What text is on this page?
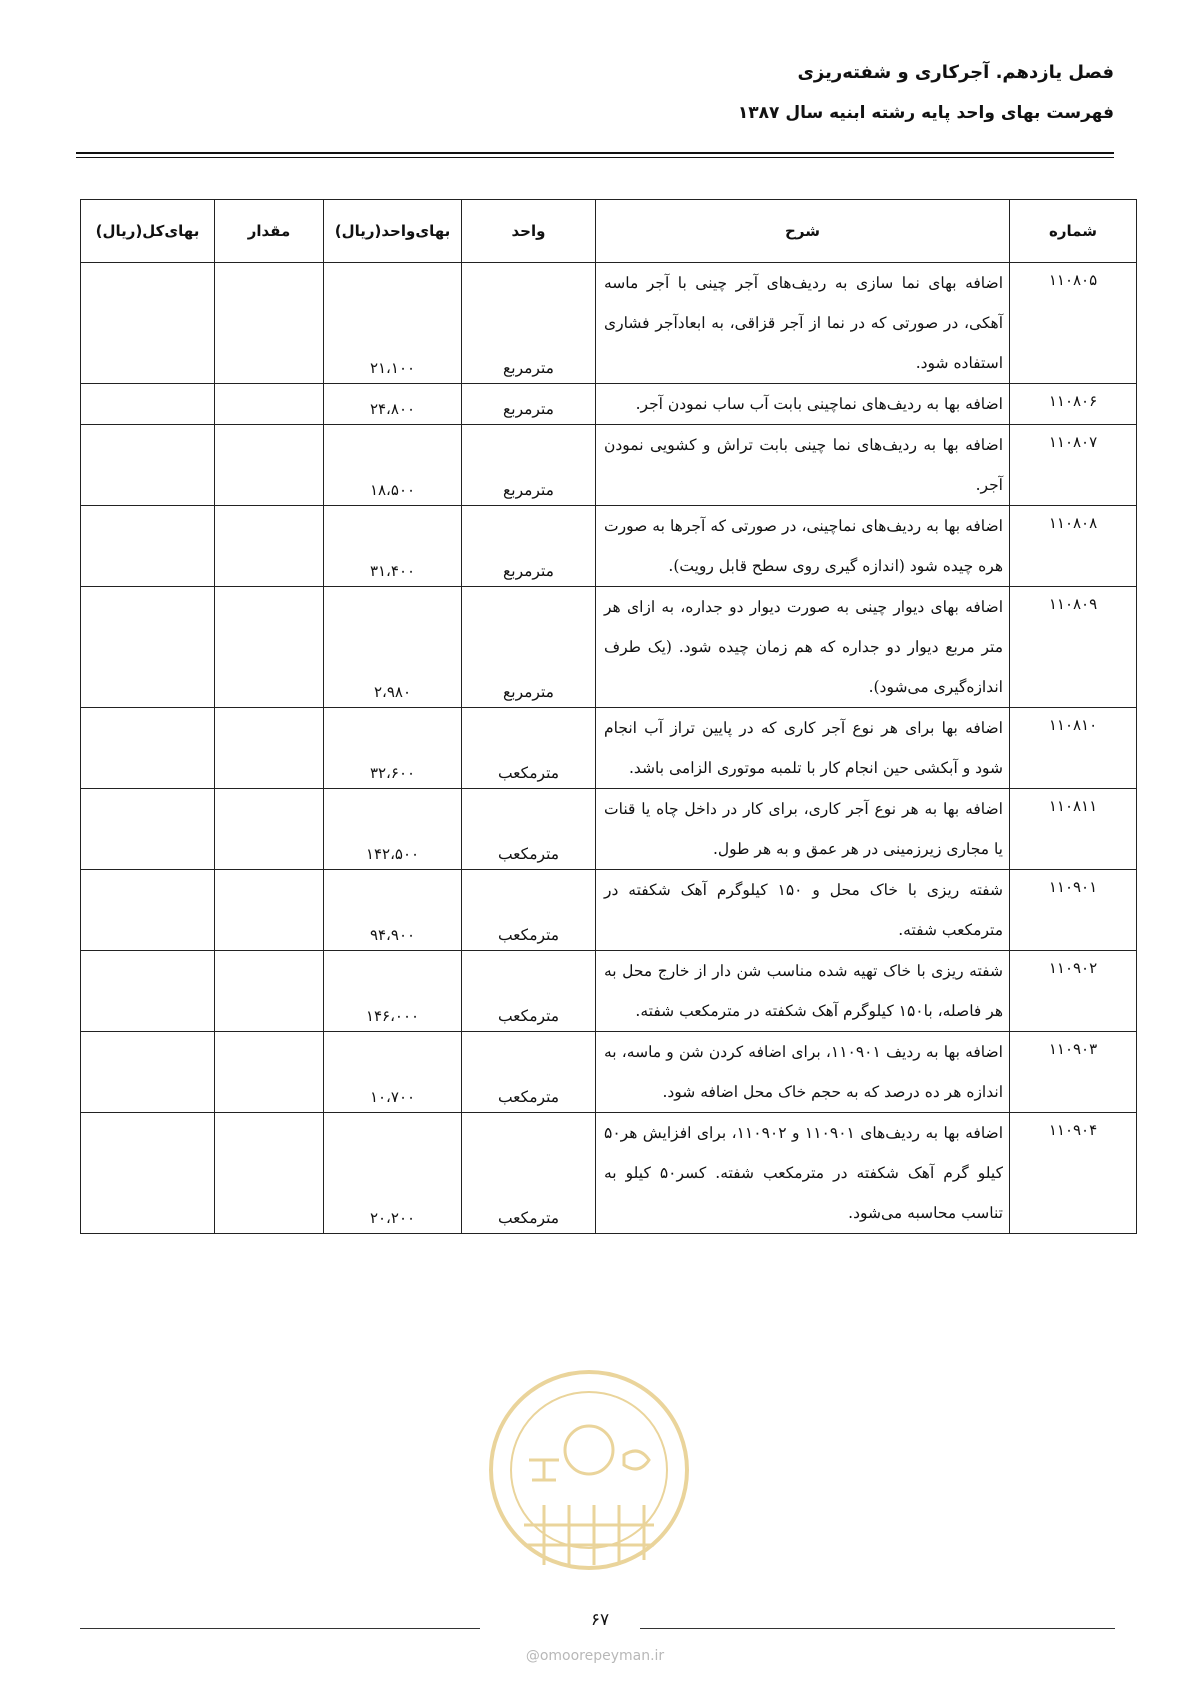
فصل یازدهم. آجرکاری و شفته‌ریزی
فهرست بهای واحد پایه رشته ابنیه سال ۱۳۸۷
شماره	شرح	واحد	بهای‌واحد(ریال)	مقدار	بهای‌کل(ریال)
۱۱۰۸۰۵	اضافه بهای نما سازی به ردیف‌های آجر چینی با آجر ماسه آهکی، در صورتی که در نما از آجر قزاقی، به ابعادآجر فشاری استفاده شود.	مترمربع	۲۱،۱۰۰		
۱۱۰۸۰۶	اضافه بها به ردیف‌های نماچینی بابت آب ساب نمودن آجر.	مترمربع	۲۴،۸۰۰		
۱۱۰۸۰۷	اضافه بها به ردیف‌های نما چینی بابت تراش و کشویی نمودن آجر.	مترمربع	۱۸،۵۰۰		
۱۱۰۸۰۸	اضافه بها به ردیف‌های نماچینی، در صورتی که آجرها به صورت هره چیده شود (اندازه گیری روی سطح قابل رویت).	مترمربع	۳۱،۴۰۰		
۱۱۰۸۰۹	اضافه بهای دیوار چینی به صورت دیوار دو جداره، به ازای هر متر مربع دیوار دو جداره که هم زمان چیده شود. (یک طرف اندازه‌گیری می‌شود).	مترمربع	۲،۹۸۰		
۱۱۰۸۱۰	اضافه بها برای هر نوع آجر کاری که در پایین تراز آب انجام شود و آبکشی حین انجام کار با تلمبه موتوری الزامی باشد.	مترمکعب	۳۲،۶۰۰		
۱۱۰۸۱۱	اضافه بها به هر نوع آجر کاری، برای کار در داخل چاه یا قنات یا مجاری زیرزمینی در هر عمق و به هر طول.	مترمکعب	۱۴۲،۵۰۰		
۱۱۰۹۰۱	شفته ریزی با خاک محل و ۱۵۰ کیلوگرم آهک شکفته در مترمکعب شفته.	مترمکعب	۹۴،۹۰۰		
۱۱۰۹۰۲	شفته ریزی با خاک تهیه شده مناسب شن دار از خارج محل به هر فاصله، با۱۵۰ کیلوگرم آهک شکفته در مترمکعب شفته.	مترمکعب	۱۴۶،۰۰۰		
۱۱۰۹۰۳	اضافه بها به ردیف ۱۱۰۹۰۱، برای اضافه کردن شن و ماسه، به اندازه هر ده درصد که به حجم خاک محل اضافه شود.	مترمکعب	۱۰،۷۰۰		
۱۱۰۹۰۴	اضافه بها به ردیف‌های ۱۱۰۹۰۱ و ۱۱۰۹۰۲، برای افزایش هر۵۰ کیلو گرم آهک شکفته در مترمکعب شفته. کسر۵۰ کیلو به تناسب محاسبه می‌شود.	مترمکعب	۲۰،۲۰۰		
۶۷
@omoorepeyman.ir
